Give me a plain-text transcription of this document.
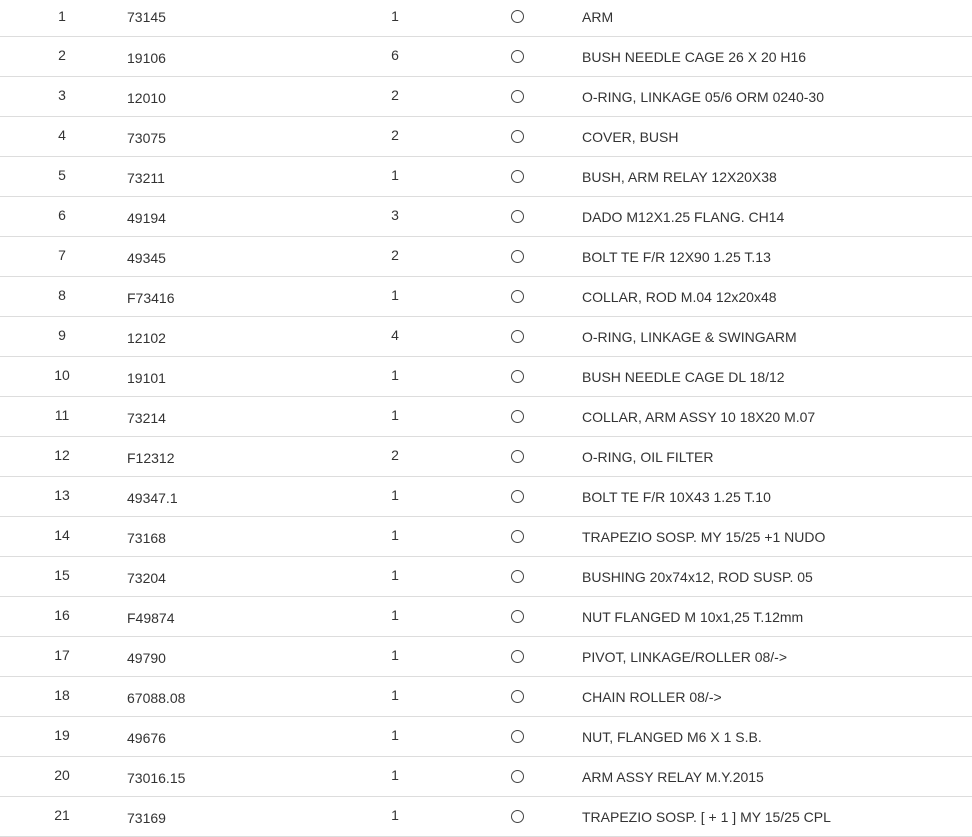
1	73145	1	ARM
2	19106	6	BUSH NEEDLE CAGE 26 X 20 H16
3	12010	2	O-RING, LINKAGE 05/6 ORM 0240-30
4	73075	2	COVER, BUSH
5	73211	1	BUSH, ARM RELAY 12X20X38
6	49194	3	DADO M12X1.25 FLANG. CH14
7	49345	2	BOLT TE F/R 12X90 1.25 T.13
8	F73416	1	COLLAR, ROD M.04 12x20x48
9	12102	4	O-RING, LINKAGE & SWINGARM
10	19101	1	BUSH NEEDLE CAGE DL 18/12
11	73214	1	COLLAR, ARM ASSY 10 18X20 M.07
12	F12312	2	O-RING, OIL FILTER
13	49347.1	1	BOLT TE F/R 10X43 1.25 T.10
14	73168	1	TRAPEZIO SOSP. MY 15/25 +1 NUDO
15	73204	1	BUSHING 20x74x12, ROD SUSP. 05
16	F49874	1	NUT FLANGED M 10x1,25 T.12mm
17	49790	1	PIVOT, LINKAGE/ROLLER 08/->
18	67088.08	1	CHAIN ROLLER 08/->
19	49676	1	NUT, FLANGED M6 X 1 S.B.
20	73016.15	1	ARM ASSY RELAY M.Y.2015
21	73169	1	TRAPEZIO SOSP. [ + 1 ] MY 15/25 CPL
